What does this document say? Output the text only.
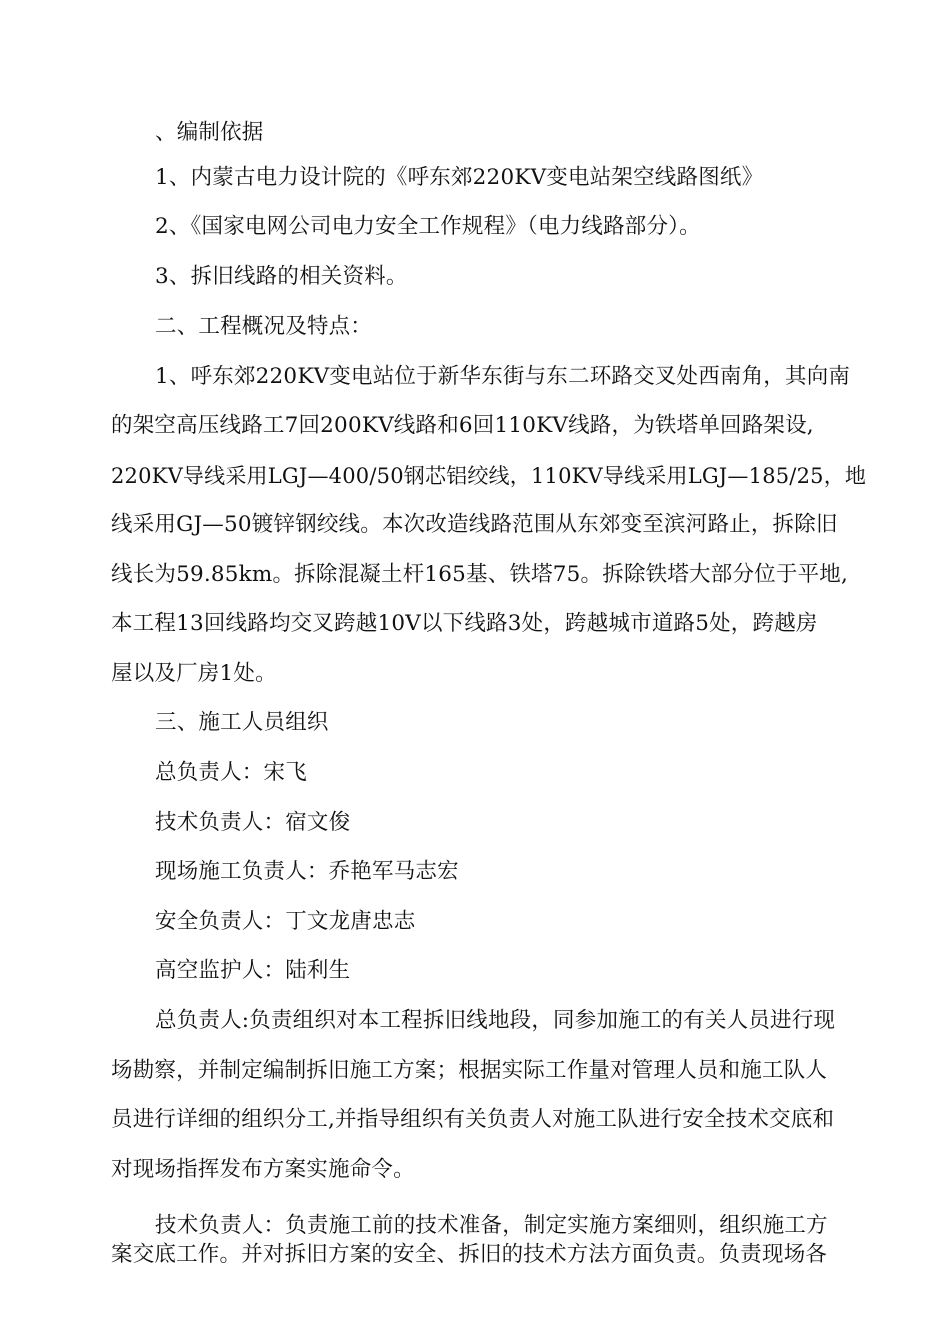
、编制依据
1、内蒙古电力设计院的《呼东郊220KV变电站架空线路图纸》
2、《国家电网公司电力安全工作规程》（电力线路部分）。
3、拆旧线路的相关资料。
二、工程概况及特点：
1、呼东郊220KV变电站位于新华东街与东二环路交叉处西南角，其向南
的架空高压线路工7回200KV线路和6回110KV线路，为铁塔单回路架设,
220KV导线采用LGJ—400/50钢芯铝绞线，110KV导线采用LGJ—185/25，地
线采用GJ—50镀锌钢绞线。本次改造线路范围从东郊变至滨河路止，拆除旧
线长为59.85km。拆除混凝土杆165基、铁塔75。拆除铁塔大部分位于平地,
本工程13回线路均交叉跨越10V以下线路3处，跨越城市道路5处，跨越房
屋以及厂房1处。
三、施工人员组织
总负责人：宋飞
技术负责人：宿文俊
现场施工负责人：乔艳军马志宏
安全负责人：丁文龙唐忠志
高空监护人：陆利生
总负责人:负责组织对本工程拆旧线地段，同参加施工的有关人员进行现
场勘察，并制定编制拆旧施工方案；根据实际工作量对管理人员和施工队人
员进行详细的组织分工,并指导组织有关负责人对施工队进行安全技术交底和
对现场指挥发布方案实施命令。
技术负责人：负责施工前的技术准备，制定实施方案细则，组织施工方
案交底工作。并对拆旧方案的安全、拆旧的技术方法方面负责。负责现场各
